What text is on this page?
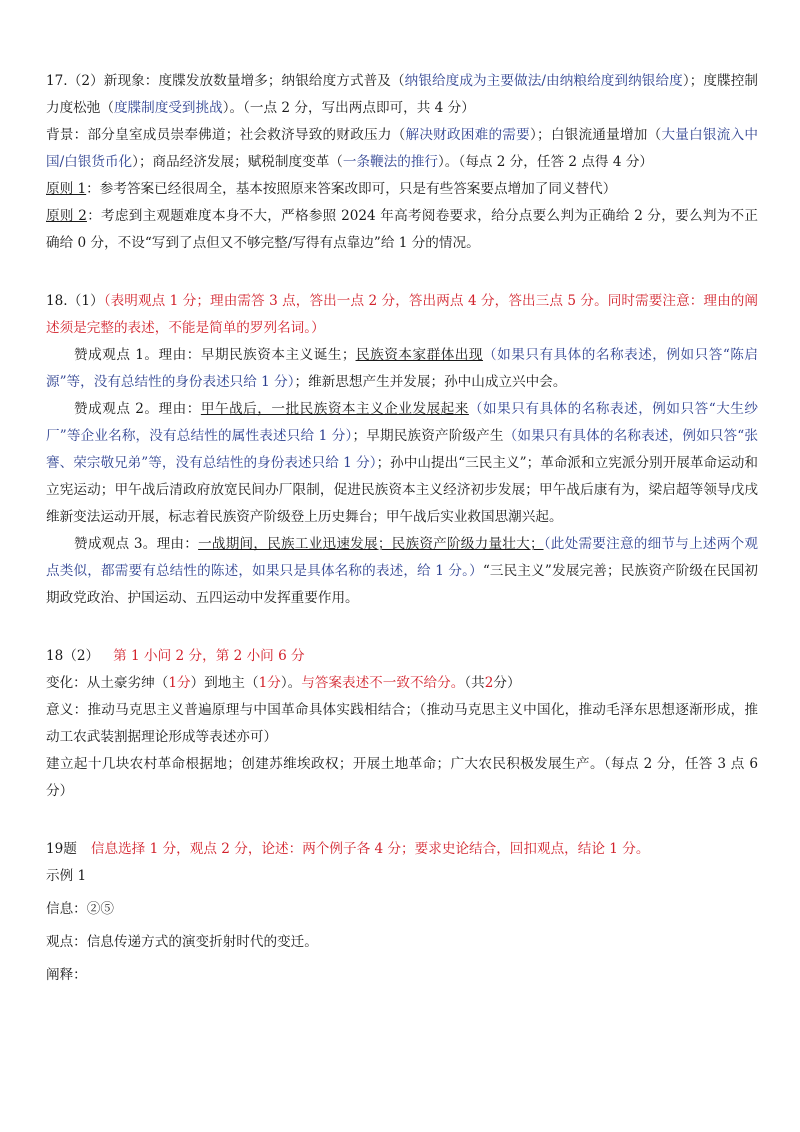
17.（2）新现象：度牒发放数量增多；纳银给度方式普及（纳银给度成为主要做法/由纳粮给度到纳银给度）；度牒控制力度松弛（度牒制度受到挑战）。（一点 2 分，写出两点即可，共 4 分）

背景：部分皇室成员崇奉佛道；社会救济导致的财政压力（解决财政困难的需要）；白银流通量增加（大量白银流入中国/白银货币化）；商品经济发展；赋税制度变革（一条鞭法的推行）。（每点 2 分，任答 2 点得 4 分）

原则 1：参考答案已经很周全，基本按照原来答案改即可，只是有些答案要点增加了同义替代）

原则 2：考虑到主观题难度本身不大，严格参照 2024 年高考阅卷要求，给分点要么判为正确给 2 分，要么判为不正确给 0 分，不设“写到了点但又不够完整/写得有点靠边”给 1 分的情况。

18.（1）（表明观点 1 分；理由需答 3 点，答出一点 2 分，答出两点 4 分，答出三点 5 分。同时需要注意：理由的阐述须是完整的表述，不能是简单的罗列名词。）

赞成观点 1。理由：早期民族资本主义诞生；民族资本家群体出现（如果只有具体的名称表述，例如只答“陈启源”等，没有总结性的身份表述只给 1 分）；维新思想产生并发展；孙中山成立兴中会。

赞成观点 2。理由：甲午战后，一批民族资本主义企业发展起来（如果只有具体的名称表述，例如只答“大生纱厂”等企业名称，没有总结性的属性表述只给 1 分）；早期民族资产阶级产生（如果只有具体的名称表述，例如只答“张謇、荣宗敬兄弟”等，没有总结性的身份表述只给 1 分）；孙中山提出“三民主义”；革命派和立宪派分别开展革命运动和立宪运动；甲午战后清政府放宽民间办厂限制，促进民族资本主义经济初步发展；甲午战后康有为，梁启超等领导戊戌维新变法运动开展，标志着民族资产阶级登上历史舞台；甲午战后实业救国思潮兴起。

赞成观点 3。理由：一战期间，民族工业迅速发展；民族资产阶级力量壮大；（此处需要注意的细节与上述两个观点类似，都需要有总结性的陈述，如果只是具体名称的表述，给 1 分。）“三民主义”发展完善；民族资产阶级在民国初期政党政治、护国运动、五四运动中发挥重要作用。

18（2） 第 1 小问 2 分，第 2 小问 6 分

变化：从土豪劣绅（1分）到地主（1分）。与答案表述不一致不给分。（共2分）

意义：推动马克思主义普遍原理与中国革命具体实践相结合；（推动马克思主义中国化，推动毛泽东思想逐渐形成，推动工农武装割据理论形成等表述亦可）

建立起十几块农村革命根据地；创建苏维埃政权；开展土地革命；广大农民积极发展生产。（每点 2 分，任答 3 点 6 分）

19题 信息选择 1 分，观点 2 分，论述：两个例子各 4 分；要求史论结合，回扣观点，结论 1 分。

示例 1

信息：②⑤

观点：信息传递方式的演变折射时代的变迁。

阐释：
